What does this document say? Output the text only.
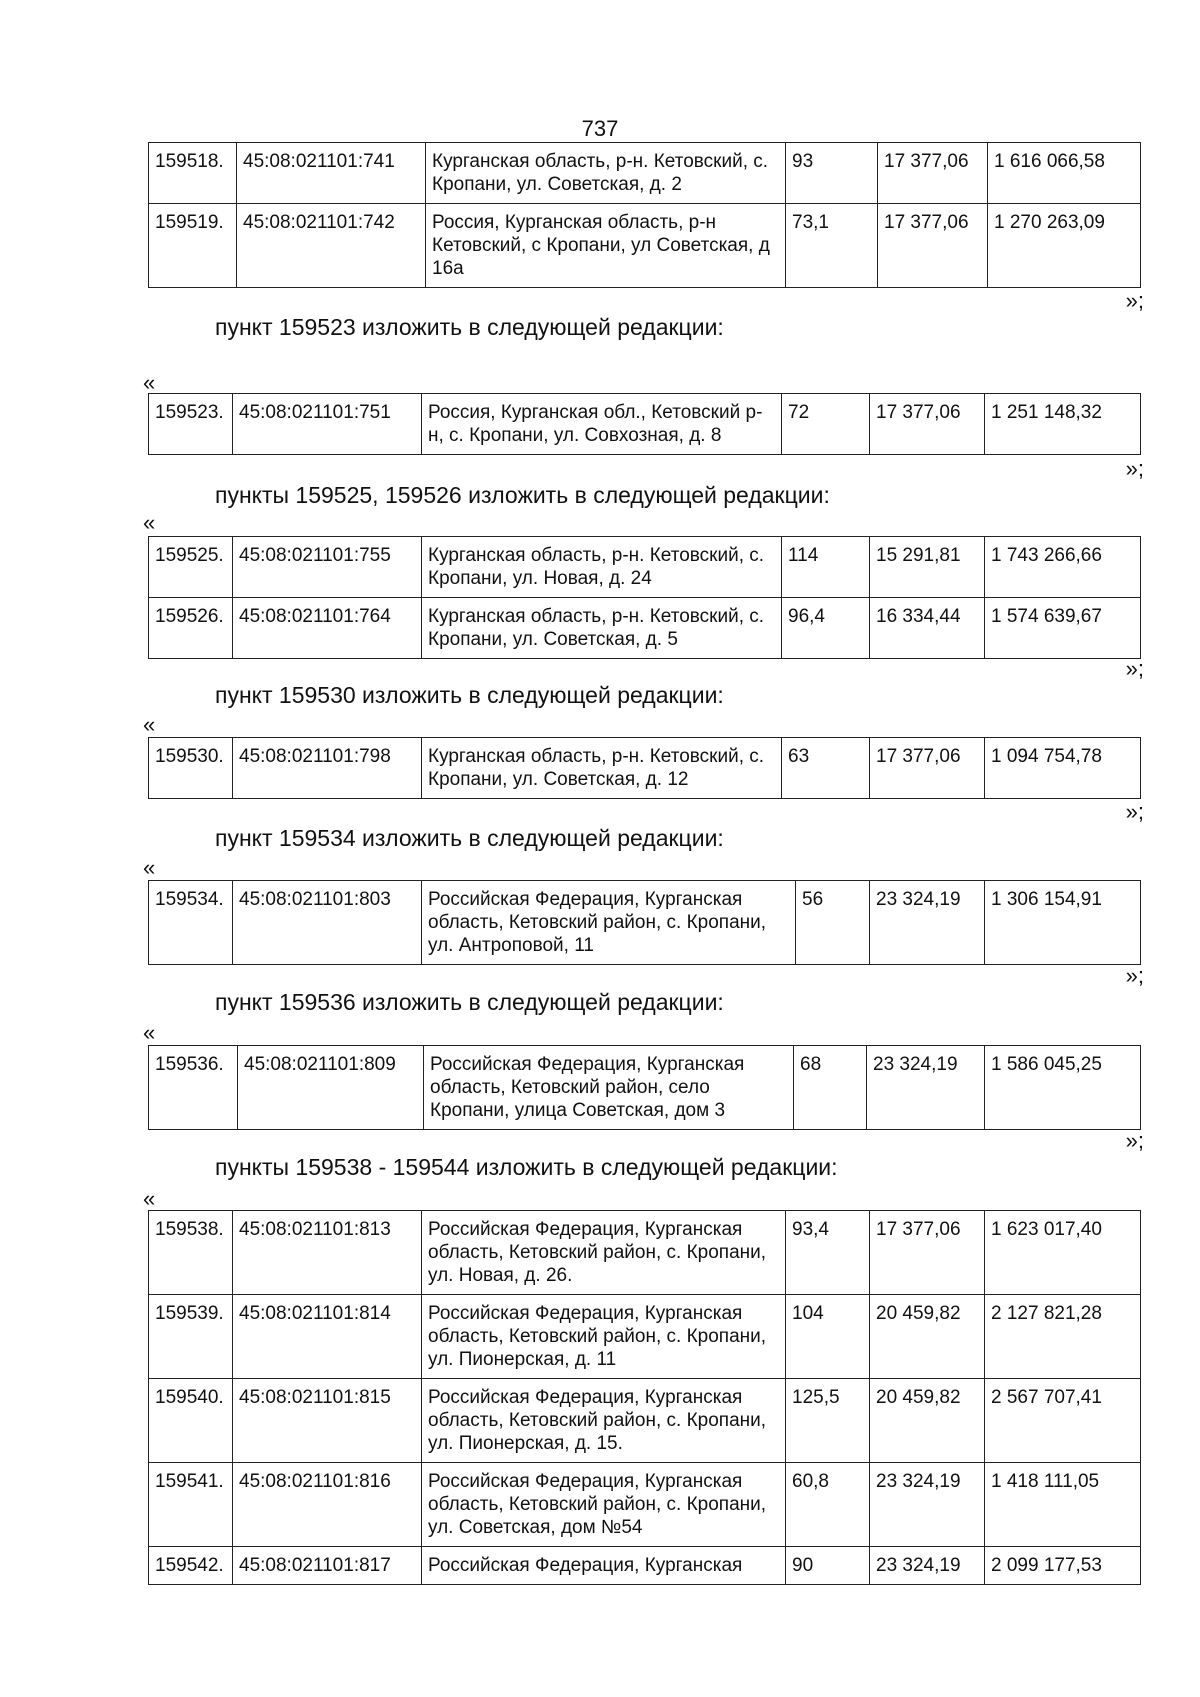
737
159518.	45:08:021101:741	Курганская область, р-н. Кетовский, с. Кропани, ул. Советская, д. 2	93	17 377,06	1 616 066,58
159519.	45:08:021101:742	Россия, Курганская область, р-н Кетовский, с Кропани, ул Советская, д 16а	73,1	17 377,06	1 270 263,09
»;
пункт 159523 изложить в следующей редакции:
«
159523.	45:08:021101:751	Россия, Курганская обл., Кетовский р-н, с. Кропани, ул. Совхозная, д. 8	72	17 377,06	1 251 148,32
»;
пункты 159525, 159526 изложить в следующей редакции:
«
159525.	45:08:021101:755	Курганская область, р-н. Кетовский, с. Кропани, ул. Новая, д. 24	114	15 291,81	1 743 266,66
159526.	45:08:021101:764	Курганская область, р-н. Кетовский, с. Кропани, ул. Советская, д. 5	96,4	16 334,44	1 574 639,67
»;
пункт 159530 изложить в следующей редакции:
«
159530.	45:08:021101:798	Курганская область, р-н. Кетовский, с. Кропани, ул. Советская, д. 12	63	17 377,06	1 094 754,78
»;
пункт 159534 изложить в следующей редакции:
«
159534.	45:08:021101:803	Российская Федерация, Курганская область, Кетовский район, с. Кропани, ул. Антроповой, 11	56	23 324,19	1 306 154,91
»;
пункт 159536 изложить в следующей редакции:
«
159536.	45:08:021101:809	Российская Федерация, Курганская область, Кетовский район, село Кропани, улица Советская, дом 3	68	23 324,19	1 586 045,25
»;
пункты 159538 - 159544 изложить в следующей редакции:
«
159538.	45:08:021101:813	Российская Федерация, Курганская область, Кетовский район, с. Кропани, ул. Новая, д. 26.	93,4	17 377,06	1 623 017,40
159539.	45:08:021101:814	Российская Федерация, Курганская область, Кетовский район, с. Кропани, ул. Пионерская, д. 11	104	20 459,82	2 127 821,28
159540.	45:08:021101:815	Российская Федерация, Курганская область, Кетовский район, с. Кропани, ул. Пионерская, д. 15.	125,5	20 459,82	2 567 707,41
159541.	45:08:021101:816	Российская Федерация, Курганская область, Кетовский район, с. Кропани, ул. Советская, дом №54	60,8	23 324,19	1 418 111,05
159542.	45:08:021101:817	Российская Федерация, Курганская	90	23 324,19	2 099 177,53
